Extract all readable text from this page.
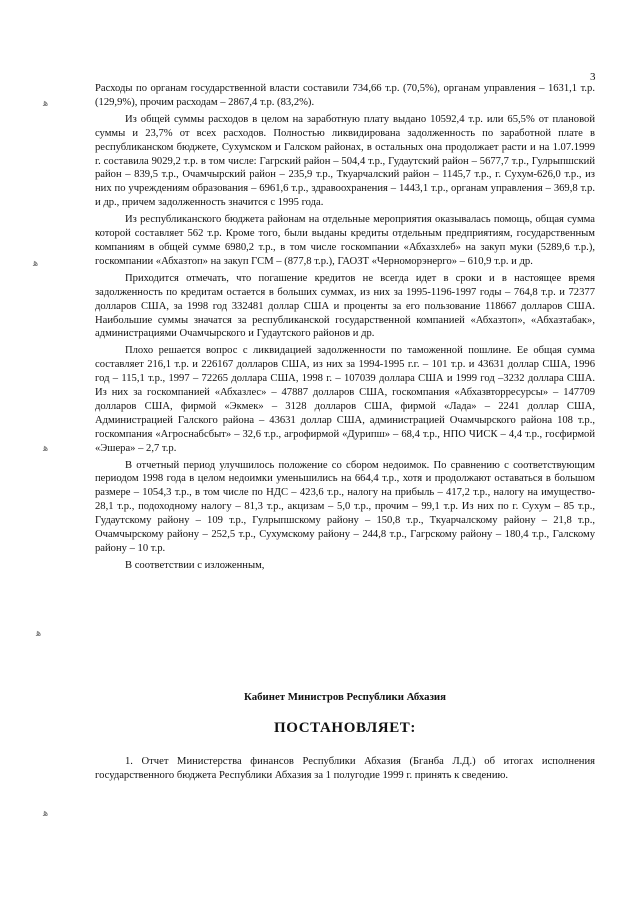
ﻫ
ﻫ
ﻫ
ﻫ
ﻫ
3

Расходы по органам государственной власти составили 734,66 т.р. (70,5%), органам управления – 1631,1 т.р. (129,9%), прочим расходам – 2867,4 т.р. (83,2%).

Из общей суммы расходов в целом на заработную плату выдано 10592,4 т.р. или 65,5% от плановой суммы и 23,7% от всех расходов. Полностью ликвидирована задолженность по заработной плате в республиканском бюджете, Сухумском и Галском районах, в остальных она продолжает расти и на 1.07.1999 г. составила 9029,2 т.р. в том числе: Гагрский район – 504,4 т.р., Гудаутский район – 5677,7 т.р., Гулрыпшский район – 839,5 т.р., Очамчырский район – 235,9 т.р., Ткуарчалский район – 1145,7 т.р., г. Сухум-626,0 т.р., из них по учреждениям образования – 6961,6 т.р., здравоохранения – 1443,1 т.р., органам управления – 369,8 т.р. и др., причем задолженность значится с 1995 года.

Из республиканского бюджета районам на отдельные мероприятия оказывалась помощь, общая сумма которой составляет 562 т.р. Кроме того, были выданы кредиты отдельным предприятиям, государственным компаниям в общей сумме 6980,2 т.р., в том числе госкомпании «Абхазхлеб» на закуп муки (5289,6 т.р.), госкомпании «Абхазтоп» на закуп ГСМ – (877,8 т.р.), ГАОЗТ «Черноморэнерго» – 610,9 т.р. и др.

Приходится отмечать, что погашение кредитов не всегда идет в сроки и в настоящее время задолженность по кредитам остается в больших суммах, из них за 1995-1196-1997 годы – 764,8 т.р. и 72377 долларов США, за 1998 год 332481 доллар США и проценты за его пользование 118667 долларов США. Наибольшие суммы значатся за республиканской государственной компанией «Абхазтоп», «Абхазтабак», администрациями Очамчырского и Гудаутского районов и др.

Плохо решается вопрос с ликвидацией задолженности по таможенной пошлине. Ее общая сумма составляет 216,1 т.р. и 226167 долларов США, из них за 1994-1995 г.г. – 101 т.р. и 43631 доллар США, 1996 год – 115,1 т.р., 1997 – 72265 доллара США, 1998 г. – 107039 доллара США и 1999 год –3232 доллара США. Из них за госкомпанией «Абхазлес» – 47887 долларов США, госкомпания «Абхазвторресурсы» – 147709 долларов США, фирмой «Экмек» – 3128 долларов США, фирмой «Лада» – 2241 доллар США, Администрацией Галского района – 43631 доллар США, администрацией Очамчырского района 108 т.р., госкомпания «Агроснабсбыт» – 32,6 т.р., агрофирмой «Дурипш» – 68,4 т.р., НПО ЧИСК – 4,4 т.р., госфирмой «Эшера» – 2,7 т.р.

В отчетный период улучшилось положение со сбором недоимок. По сравнению с соответствующим периодом 1998 года в целом недоимки уменьшились на 664,4 т.р., хотя и продолжают оставаться в большом размере – 1054,3 т.р., в том числе по НДС – 423,6 т.р., налогу на прибыль – 417,2 т.р., налогу на имущество- 28,1 т.р., подоходному налогу – 81,3 т.р., акцизам – 5,0 т.р., прочим – 99,1 т.р. Из них по г. Сухум – 85 т.р., Гудаутскому району – 109 т.р., Гулрыпшскому району – 150,8 т.р., Ткуарчалскому району – 21,8 т.р., Очамчырскому району – 252,5 т.р., Сухумскому району – 244,8 т.р., Гагрскому району – 180,4 т.р., Галскому району – 10 т.р.

В соответствии с изложенным,

Кабинет Министров Республики Абхазия
ПОСТАНОВЛЯЕТ:

1. Отчет Министерства финансов Республики Абхазия (Бганба Л.Д.) об итогах исполнения государственного бюджета Республики Абхазия за 1 полугодие 1999 г. принять к сведению.
